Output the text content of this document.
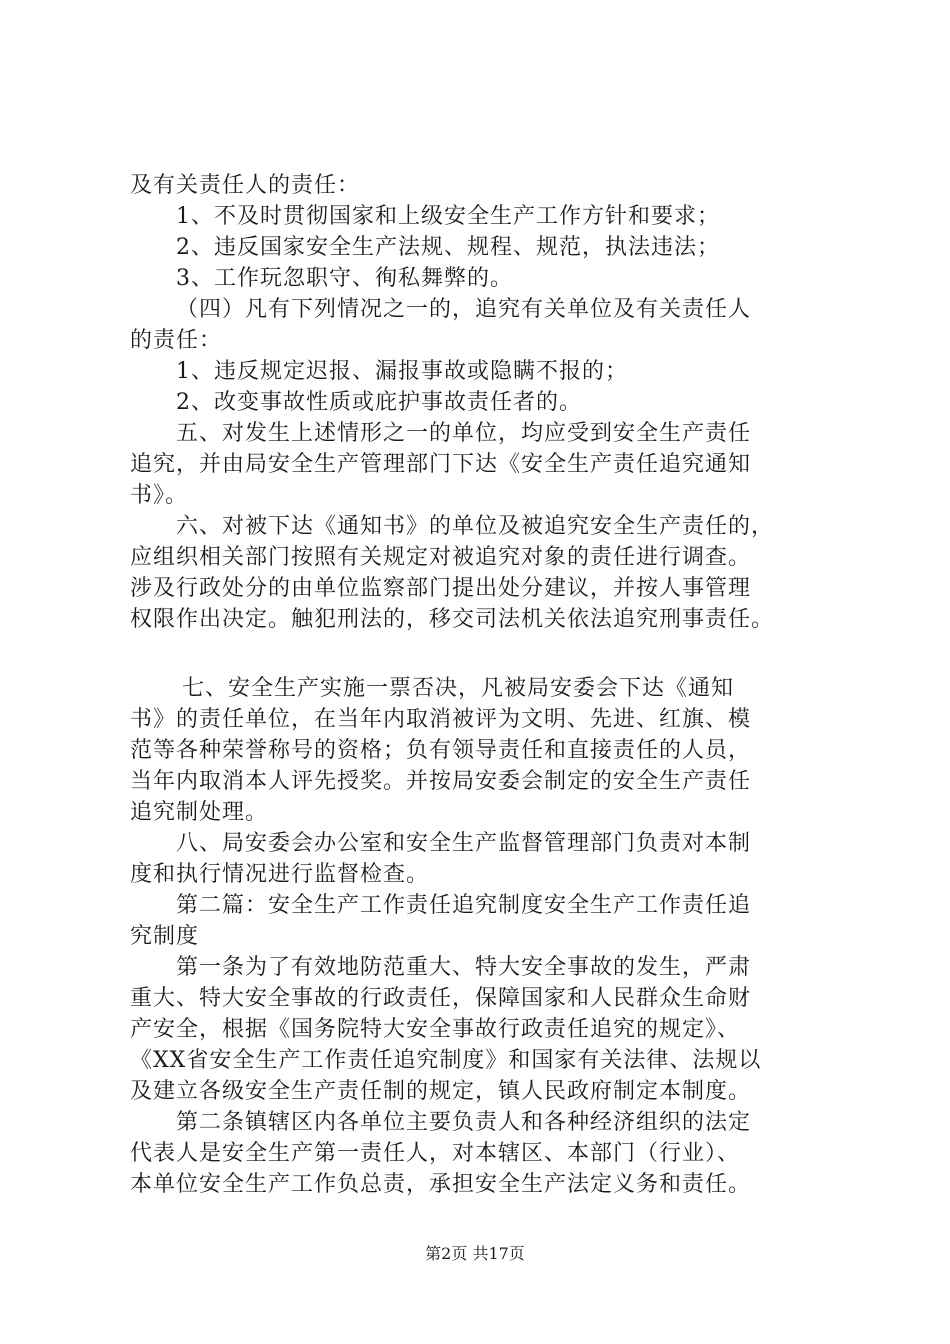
及有关责任人的责任：
1、不及时贯彻国家和上级安全生产工作方针和要求；
2、违反国家安全生产法规、规程、规范，执法违法；
3、工作玩忽职守、徇私舞弊的。
（四）凡有下列情况之一的，追究有关单位及有关责任人
的责任：
1、违反规定迟报、漏报事故或隐瞒不报的；
2、改变事故性质或庇护事故责任者的。
五、对发生上述情形之一的单位，均应受到安全生产责任
追究，并由局安全生产管理部门下达《安全生产责任追究通知
书》。
六、对被下达《通知书》的单位及被追究安全生产责任的，
应组织相关部门按照有关规定对被追究对象的责任进行调查。
涉及行政处分的由单位监察部门提出处分建议，并按人事管理
权限作出决定。触犯刑法的，移交司法机关依法追究刑事责任。
七、安全生产实施一票否决，凡被局安委会下达《通知
书》的责任单位，在当年内取消被评为文明、先进、红旗、模
范等各种荣誉称号的资格；负有领导责任和直接责任的人员，
当年内取消本人评先授奖。并按局安委会制定的安全生产责任
追究制处理。
八、局安委会办公室和安全生产监督管理部门负责对本制
度和执行情况进行监督检查。
第二篇：安全生产工作责任追究制度安全生产工作责任追
究制度
第一条为了有效地防范重大、特大安全事故的发生，严肃
重大、特大安全事故的行政责任，保障国家和人民群众生命财
产安全，根据《国务院特大安全事故行政责任追究的规定》、
《XX省安全生产工作责任追究制度》和国家有关法律、法规以
及建立各级安全生产责任制的规定，镇人民政府制定本制度。
第二条镇辖区内各单位主要负责人和各种经济组织的法定
代表人是安全生产第一责任人，对本辖区、本部门（行业）、
本单位安全生产工作负总责，承担安全生产法定义务和责任。
第2页 共17页
